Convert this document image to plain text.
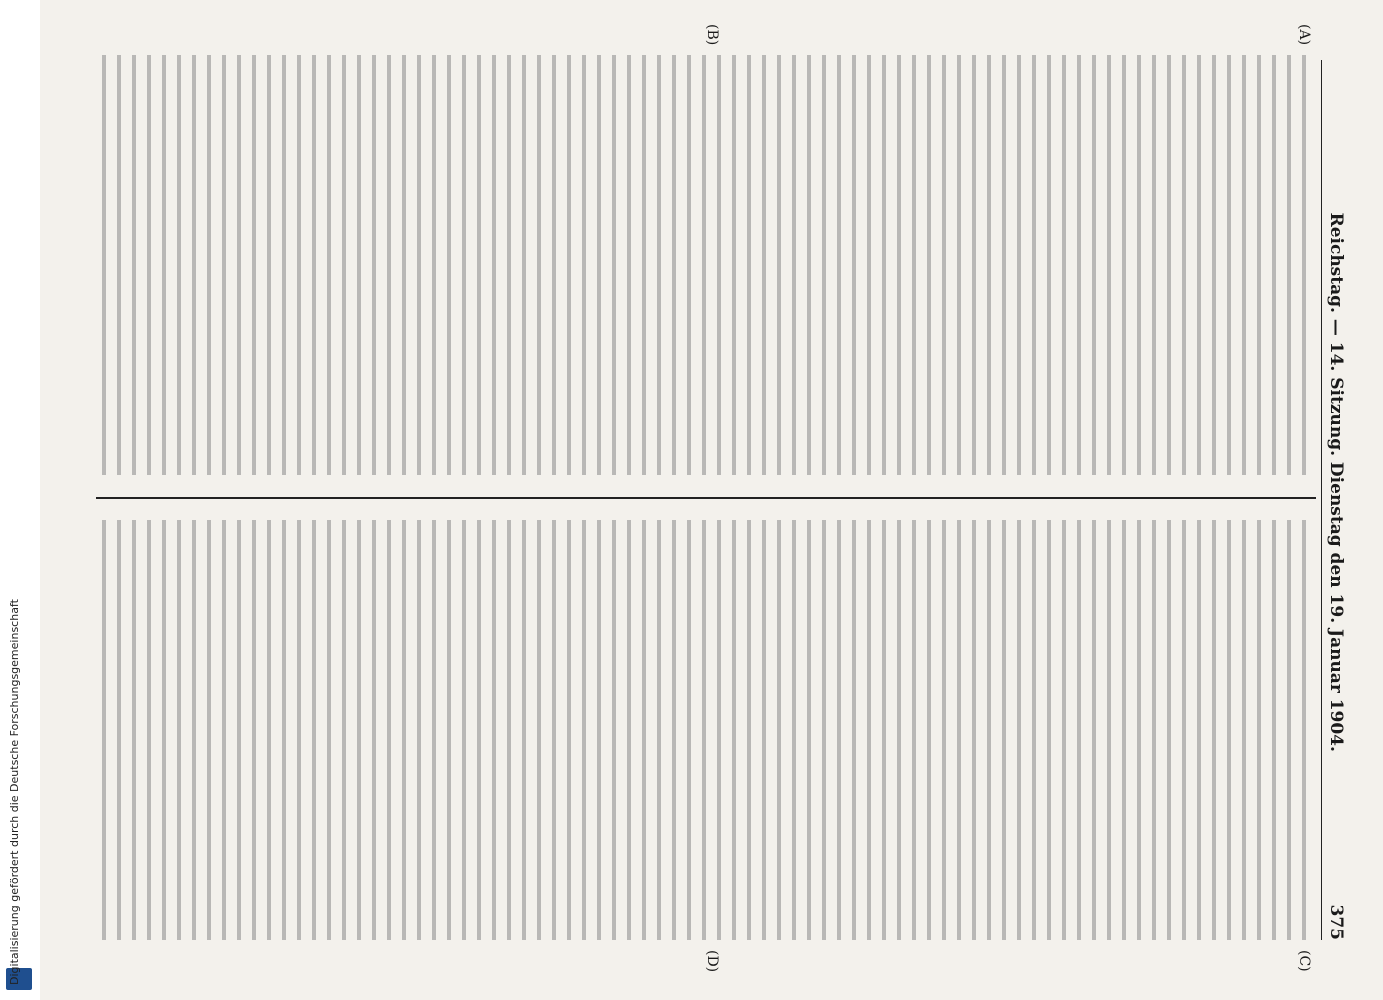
Digitalisierung gefördert durch die Deutsche Forschungsgemeinschaft
Reichstag. — 14. Sitzung. Dienstag den 19. Januar 1904.
375
(A)
(B)
(C)
(D)
